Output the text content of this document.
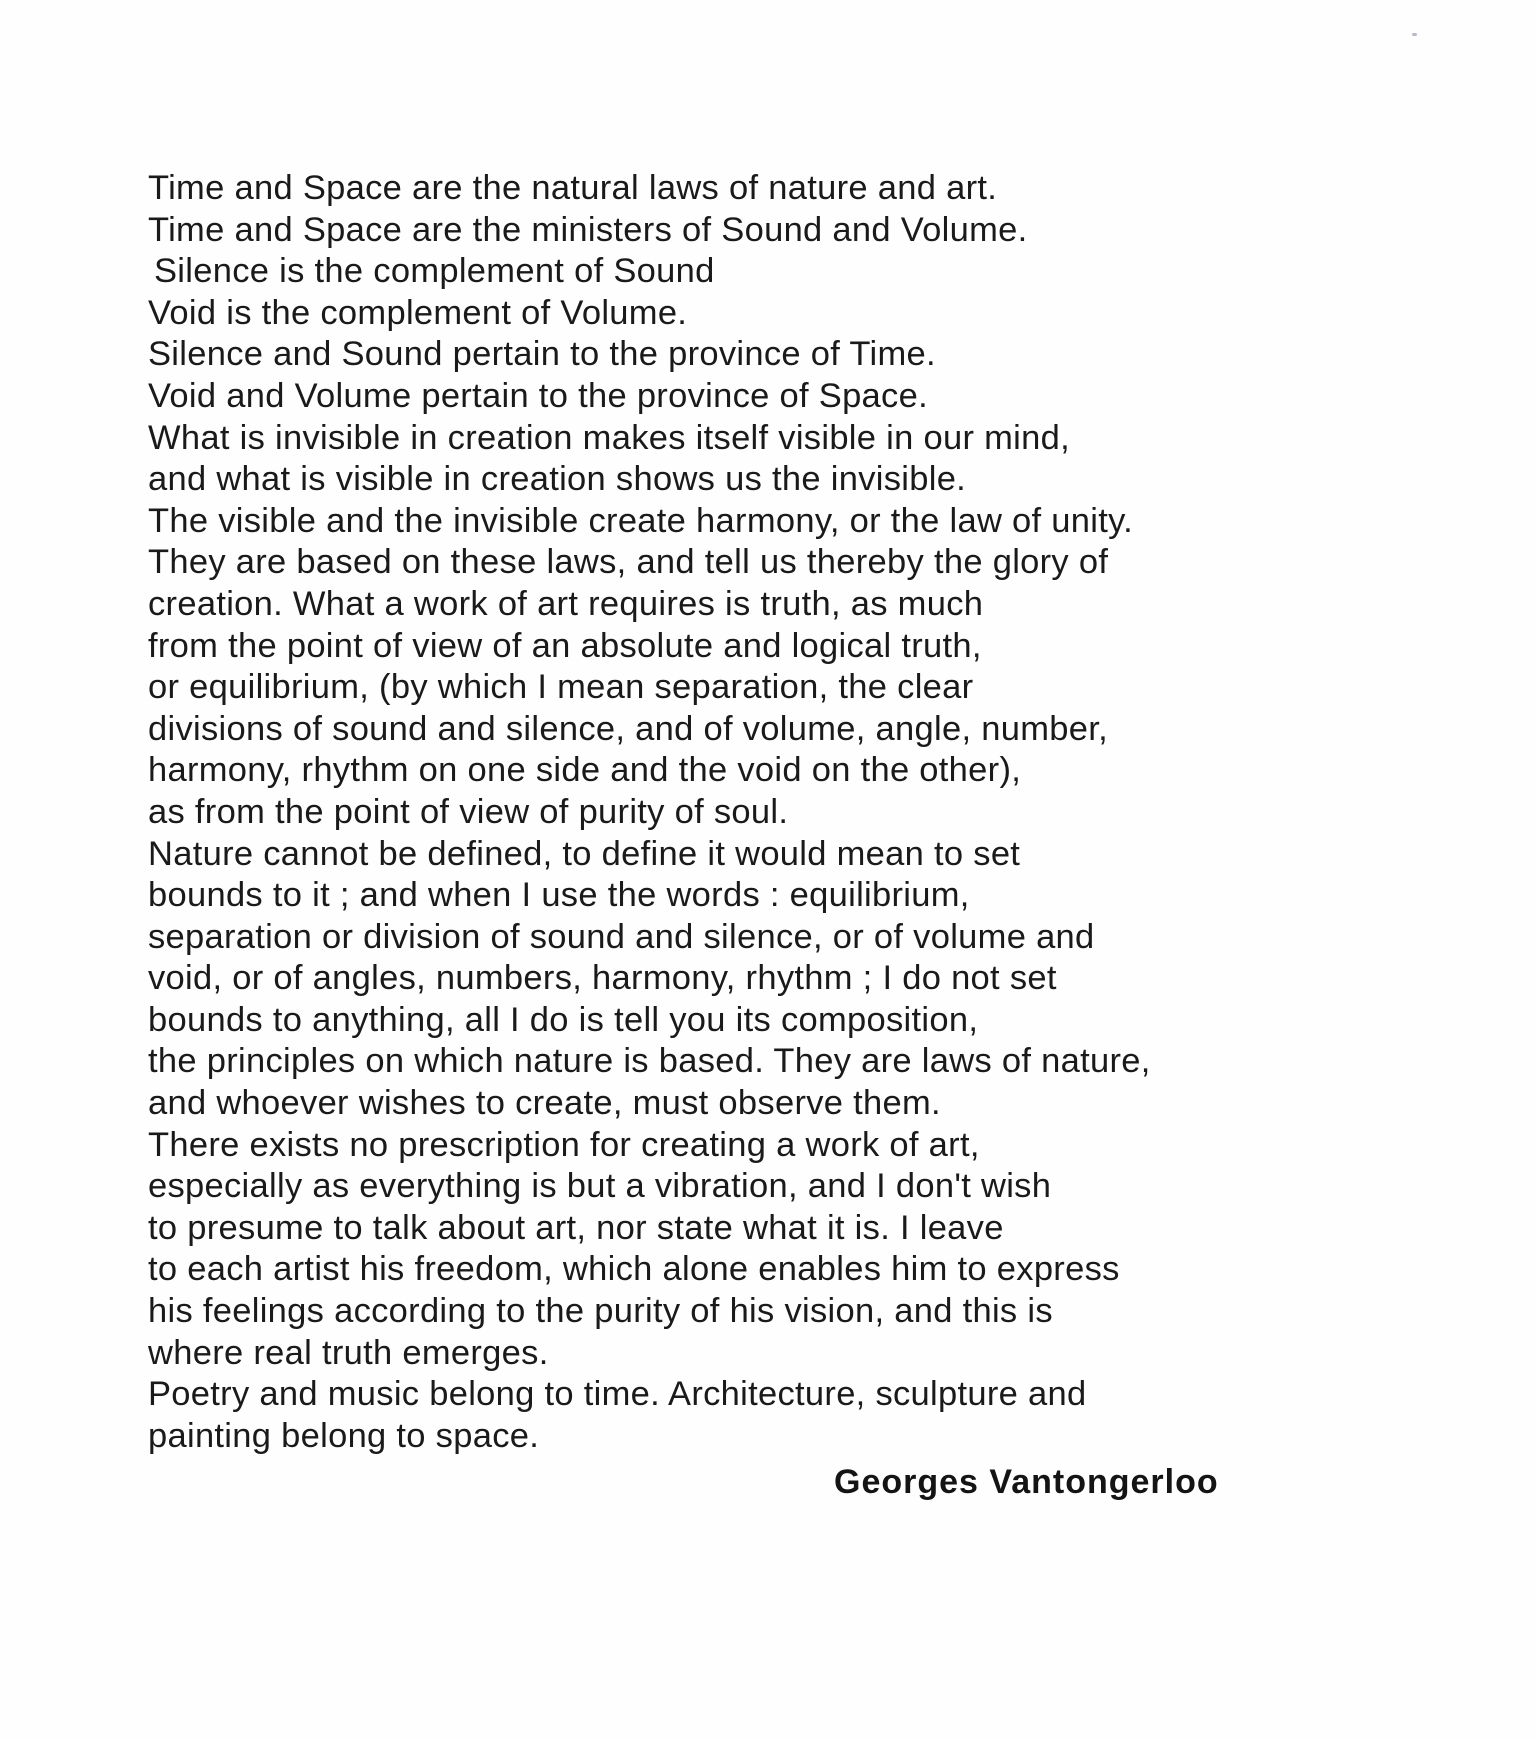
Time and Space are the natural laws of nature and art.
Time and Space are the ministers of Sound and Volume.
Silence is the complement of Sound
Void is the complement of Volume.
Silence and Sound pertain to the province of Time.
Void and Volume pertain to the province of Space.
What is invisible in creation makes itself visible in our mind,
and what is visible in creation shows us the invisible.
The visible and the invisible create harmony, or the law of unity.
They are based on these laws, and tell us thereby the glory of
creation. What a work of art requires is truth, as much
from the point of view of an absolute and logical truth,
or equilibrium, (by which I mean separation, the clear
divisions of sound and silence, and of volume, angle, number,
harmony, rhythm on one side and the void on the other),
as from the point of view of purity of soul.
Nature cannot be defined, to define it would mean to set
bounds to it ; and when I use the words : equilibrium,
separation or division of sound and silence, or of volume and
void, or of angles, numbers, harmony, rhythm ; I do not set
bounds to anything, all I do is tell you its composition,
the principles on which nature is based. They are laws of nature,
and whoever wishes to create, must observe them.
There exists no prescription for creating a work of art,
especially as everything is but a vibration, and I don't wish
to presume to talk about art, nor state what it is. I leave
to each artist his freedom, which alone enables him to express
his feelings according to the purity of his vision, and this is
where real truth emerges.
Poetry and music belong to time. Architecture, sculpture and
painting belong to space.
Georges Vantongerloo
